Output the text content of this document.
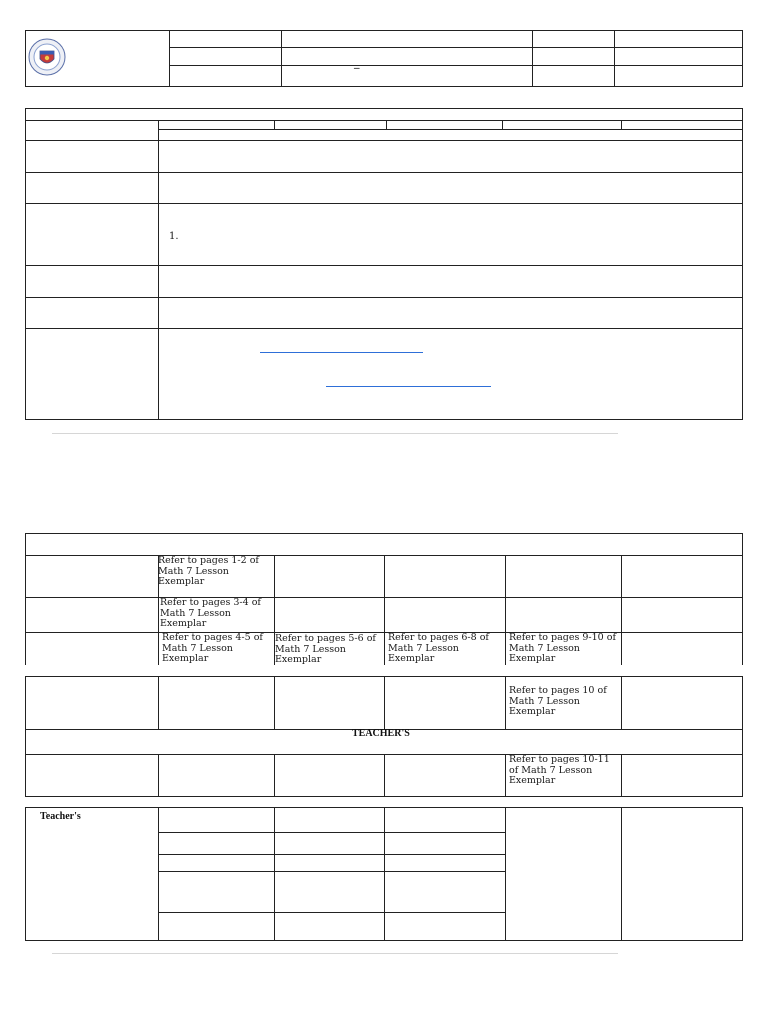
–
1.
Refer to pages 1-2 of Math 7 Lesson Exemplar
Refer to pages 3-4 of Math 7 Lesson Exemplar
Refer to pages 4-5 of Math 7 Lesson Exemplar
Refer to pages 5-6 of Math 7 Lesson Exemplar
Refer to pages 6-8 of Math 7 Lesson Exemplar
Refer to pages 9-10 of Math 7 Lesson Exemplar
Refer to pages 10 of Math 7 Lesson Exemplar
TEACHER'S
Refer to pages 10-11 of Math 7 Lesson Exemplar
Teacher's
